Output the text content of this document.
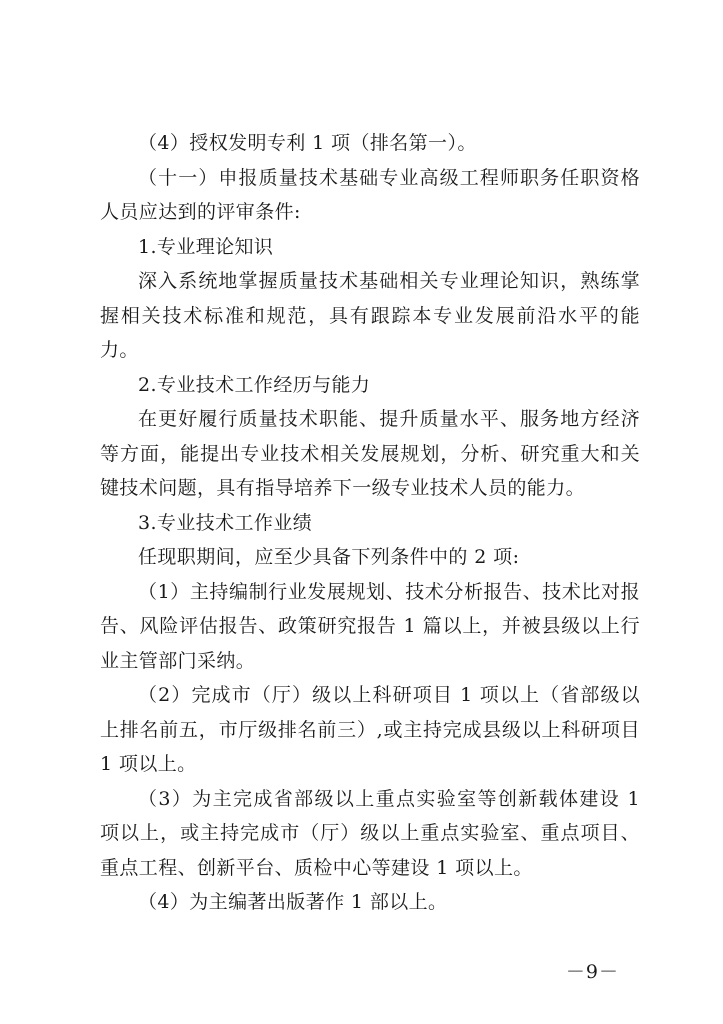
（4）授权发明专利 1 项（排名第一）。

（十一）申报质量技术基础专业高级工程师职务任职资格人员应达到的评审条件:

1.专业理论知识

深入系统地掌握质量技术基础相关专业理论知识，熟练掌握相关技术标准和规范，具有跟踪本专业发展前沿水平的能力。

2.专业技术工作经历与能力

在更好履行质量技术职能、提升质量水平、服务地方经济等方面，能提出专业技术相关发展规划，分析、研究重大和关键技术问题，具有指导培养下一级专业技术人员的能力。

3.专业技术工作业绩

任现职期间，应至少具备下列条件中的 2 项:

（1）主持编制行业发展规划、技术分析报告、技术比对报告、风险评估报告、政策研究报告 1 篇以上，并被县级以上行业主管部门采纳。

（2）完成市（厅）级以上科研项目 1 项以上（省部级以上排名前五，市厅级排名前三）,或主持完成县级以上科研项目 1 项以上。

（3）为主完成省部级以上重点实验室等创新载体建设 1 项以上，或主持完成市（厅）级以上重点实验室、重点项目、重点工程、创新平台、质检中心等建设 1 项以上。

（4）为主编著出版著作 1 部以上。

－9－
